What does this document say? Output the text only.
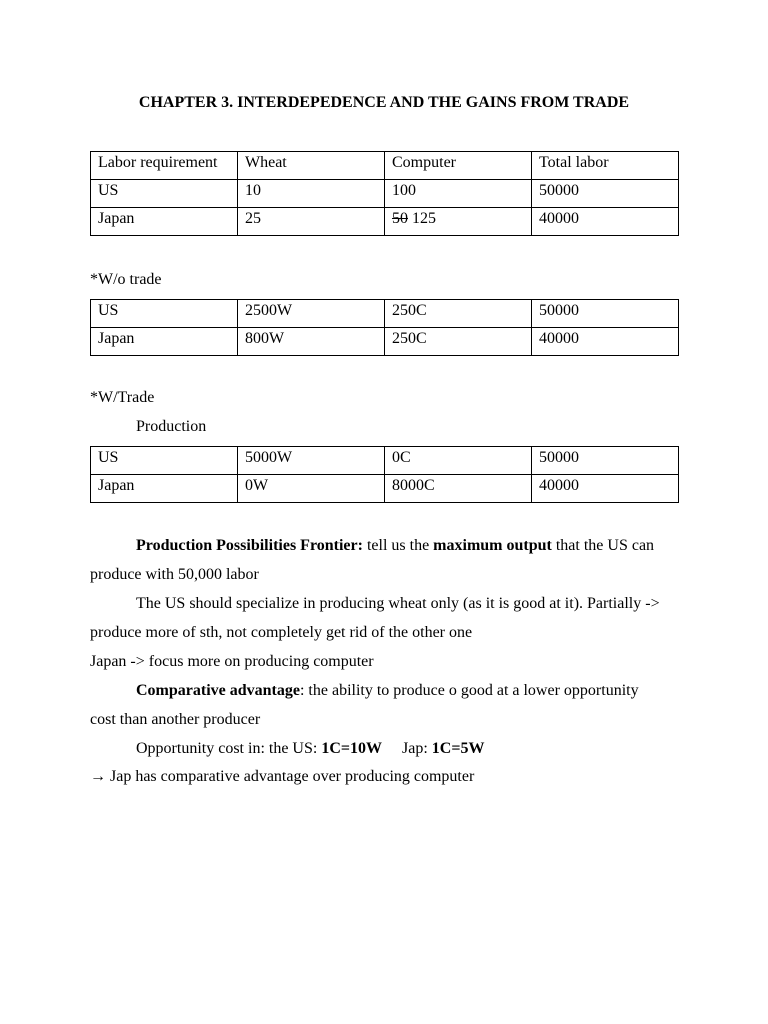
CHAPTER 3. INTERDEPEDENCE AND THE GAINS FROM TRADE

Labor requirement	Wheat	Computer	Total labor
US	10	100	50000
Japan	25	50 125	40000

*W/o trade

US	2500W	250C	50000
Japan	800W	250C	40000

*W/Trade

Production

US	5000W	0C	50000
Japan	0W	8000C	40000

Production Possibilities Frontier: tell us the maximum output that the US can

produce with 50,000 labor

The US should specialize in producing wheat only (as it is good at it). Partially ->

produce more of sth, not completely get rid of the other one

Japan -> focus more on producing computer

Comparative advantage: the ability to produce o good at a lower opportunity

cost than another producer

Opportunity cost in: the US: 1C=10W Jap: 1C=5W

→ Jap has comparative advantage over producing computer
